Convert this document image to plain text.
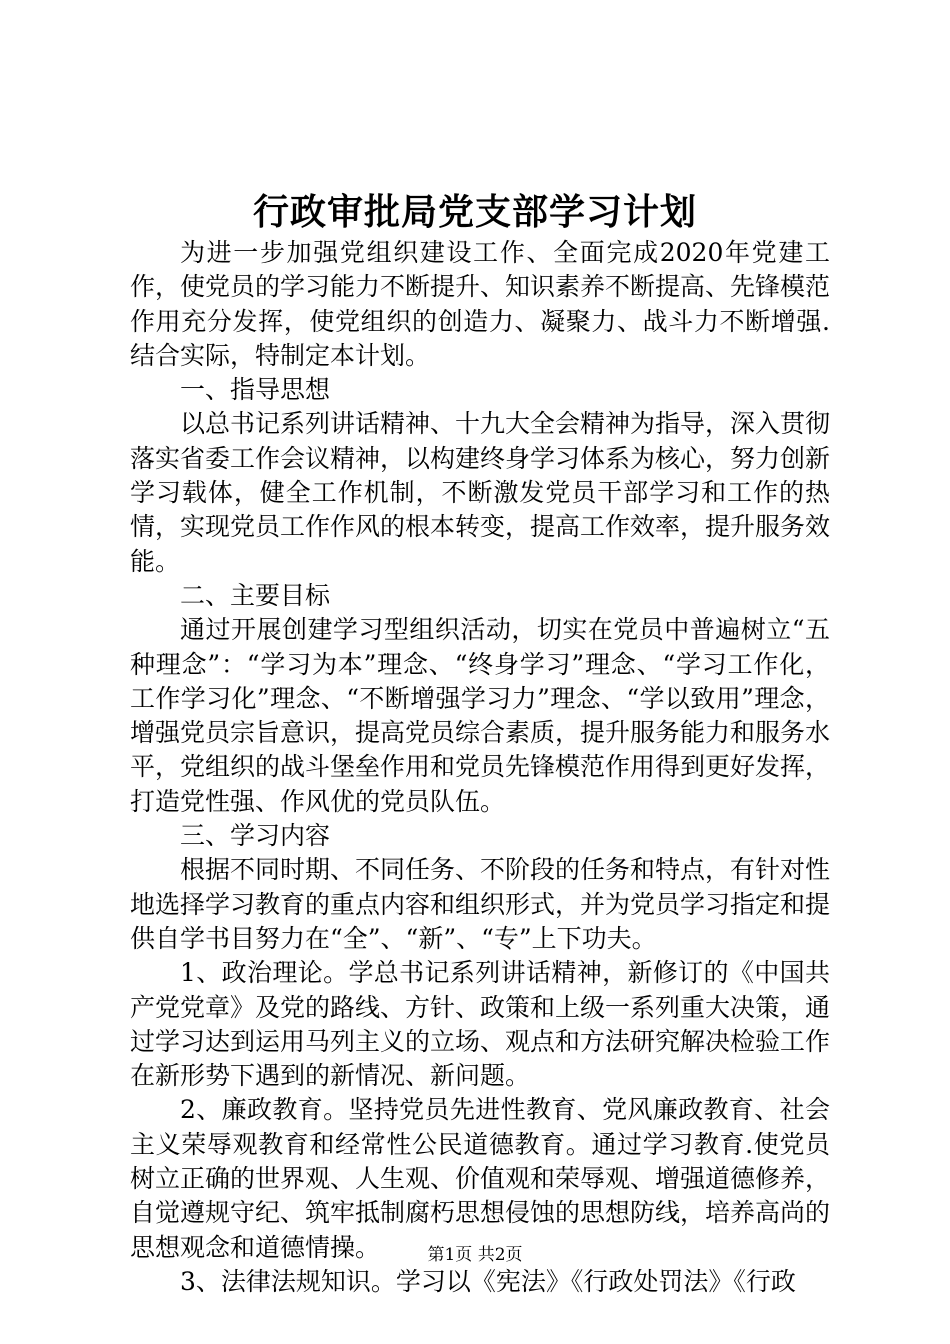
行政审批局党支部学习计划

为进一步加强党组织建设工作、全面完成2020年党建工作，使党员的学习能力不断提升、知识素养不断提高、先锋模范作用充分发挥，使党组织的创造力、凝聚力、战斗力不断增强.结合实际，特制定本计划。

一、指导思想

以总书记系列讲话精神、十九大全会精神为指导，深入贯彻落实省委工作会议精神，以构建终身学习体系为核心，努力创新学习载体，健全工作机制，不断激发党员干部学习和工作的热情，实现党员工作作风的根本转变，提高工作效率，提升服务效能。

二、主要目标

通过开展创建学习型组织活动，切实在党员中普遍树立“五种理念”：“学习为本”理念、“终身学习”理念、“学习工作化，工作学习化”理念、“不断增强学习力”理念、“学以致用”理念，增强党员宗旨意识，提高党员综合素质，提升服务能力和服务水平，党组织的战斗堡垒作用和党员先锋模范作用得到更好发挥，打造党性强、作风优的党员队伍。

三、学习内容

根据不同时期、不同任务、不阶段的任务和特点，有针对性地选择学习教育的重点内容和组织形式，并为党员学习指定和提供自学书目努力在“全”、“新”、“专”上下功夫。

1、政治理论。学总书记系列讲话精神，新修订的《中国共产党党章》及党的路线、方针、政策和上级一系列重大决策，通过学习达到运用马列主义的立场、观点和方法研究解决检验工作在新形势下遇到的新情况、新问题。

2、廉政教育。坚持党员先进性教育、党风廉政教育、社会主义荣辱观教育和经常性公民道德教育。通过学习教育.使党员树立正确的世界观、人生观、价值观和荣辱观、增强道德修养，自觉遵规守纪、筑牢抵制腐朽思想侵蚀的思想防线，培养高尚的思想观念和道德情操。

3、法律法规知识。学习以《宪法》《行政处罚法》《行政

第1页 共2页
